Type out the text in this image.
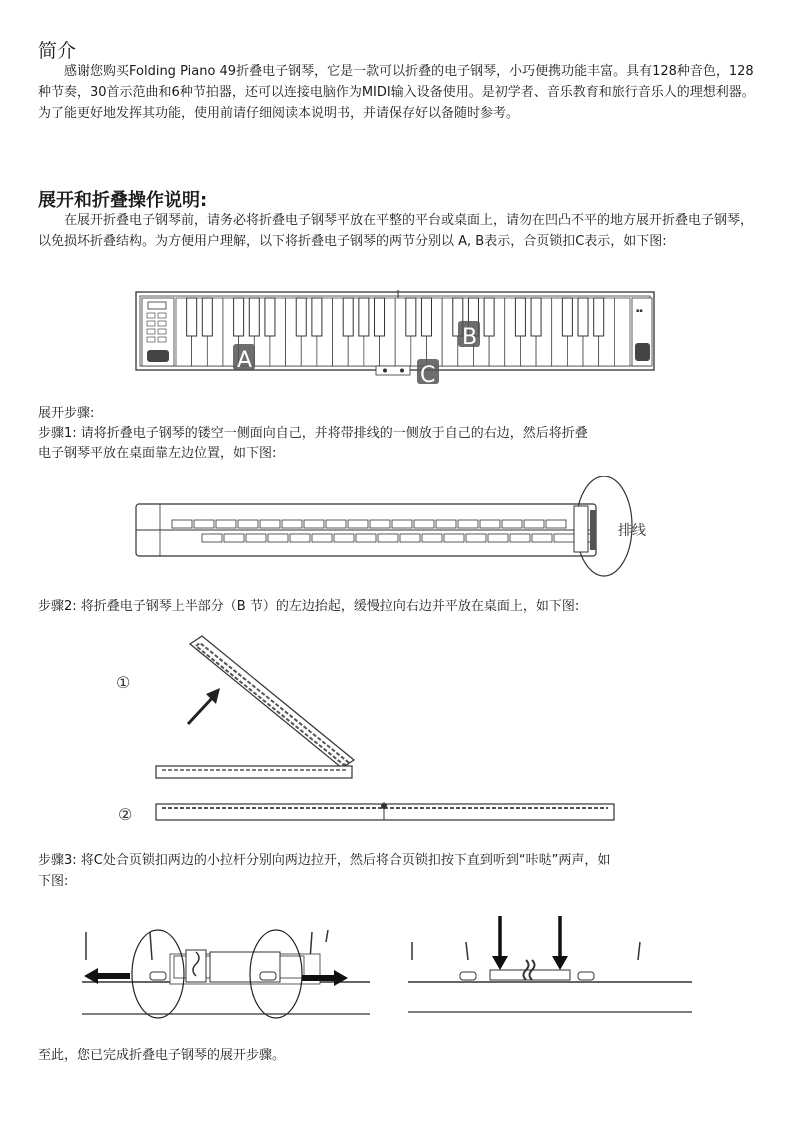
简介
感谢您购买Folding Piano 49折叠电子钢琴，它是一款可以折叠的电子钢琴，小巧便携功能丰富。具有128种音色，128种节奏，30首示范曲和6种节拍器，还可以连接电脑作为MIDI输入设备使用。是初学者、音乐教育和旅行音乐人的理想利器。为了能更好地发挥其功能，使用前请仔细阅读本说明书，并请保存好以备随时参考。
展开和折叠操作说明:
在展开折叠电子钢琴前，请务必将折叠电子钢琴平放在平整的平台或桌面上，请勿在凹凸不平的地方展开折叠电子钢琴，以免损坏折叠结构。为方便用户理解，以下将折叠电子钢琴的两节分别以 A, B表示，合页锁扣C表示，如下图:
▪▪
A
B
C
展开步骤:
步骤1: 请将折叠电子钢琴的镂空一侧面向自己，并将带排线的一侧放于自己的右边，然后将折叠
电子钢琴平放在桌面靠左边位置，如下图:
排线
步骤2: 将折叠电子钢琴上半部分（B 节）的左边抬起，缓慢拉向右边并平放在桌面上，如下图:
①
②
步骤3: 将C处合页锁扣两边的小拉杆分别向两边拉开，然后将合页锁扣按下直到听到“咔哒”两声，如
下图:
至此，您已完成折叠电子钢琴的展开步骤。
